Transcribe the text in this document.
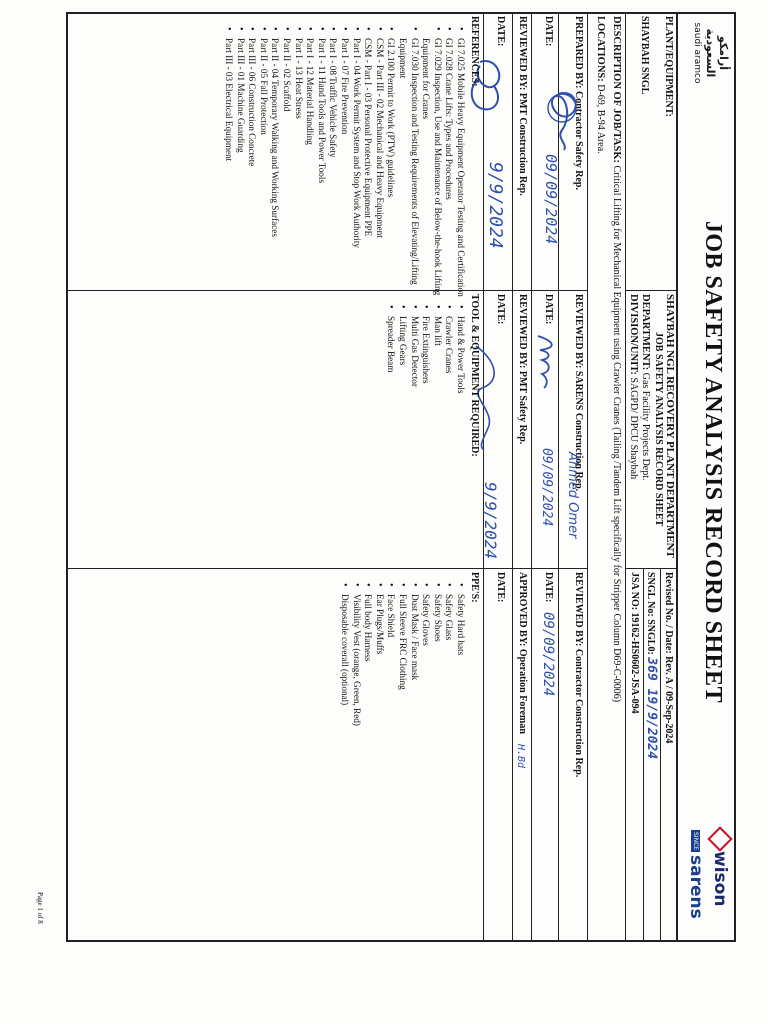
أرامكو السعودية
saudi aramco
JOB SAFETY ANALYSIS RECORD SHEET
wison
SINCE
sarens
PLANT/EQUIPMENT:
SHAYBAH SNGL
SHAYBAH NGL RECOVERY PLANT DEPARTMENT
JOB SAFETY ANALYSIS RECORD SHEET
DEPARTMENT: Gas Facility Projects Dept.
DIVISION/UNIT: SAGPD/ DPCU Shaybah
Revised No. / Date: Rev. A / 09-Sep-2024
SNGL No: SNGL0: 369 19/9/2024
JSA NO: 19162-HS0602-JSA-094
DESCRIPTION OF JOB/TASK: Critical Lifting for Mechanical Equipment using Crawler Cranes (Tailing /Tandem Lift specifically for Stripper Column D69-C-0006)
LOCATIONS: D-69, B-94 Area.
PREPARED BY: Contractor Safety Rep.
REVIEWED BY: SARENS Construction Rep.
REVIEWED BY: Contractor Construction Rep.
DATE:
DATE:
DATE:
09/09/2024
Ahmed Omer
09/09/2024
09/09/2024
REVIEWED BY: PMT Construction Rep.
REVIEWED BY: PMT Safety Rep.
APPROVED BY: Operation Foreman
H.Bd
DATE:
DATE:
DATE:
9/9/2024
9/9/2024
REFERENCES:
• GI 7.025 Mobile Heavy Equipment Operator Testing and Certification
• GI 7.028 Crane Lifts: Types and Procedures
• GI 7.029 Inspection, Use and Maintenance of Below-the-hook Lifting
Equipment for Cranes
• GI 7.030 Inspection and Testing Requirements of Elevating/Lifting
Equipment
• GI 2.100 Permit to Work (PTW) guidelines
• CSM - Part III - 02 Mechanical and Heavy Equipment
• CSM - Part I - 03 Personal Protective Equipment PPE
• Part I - 04 Work Permit System and Stop Work Authority
• Part I - 07 Fire Prevention
• Part I - 08 Traffic Vehicle Safety
• Part I - 11 Hand Tools and Power Tools
• Part I - 12 Material Handling
• Part I - 13 Heat Stress
• Part II - 02 Scaffold
• Part II - 04 Temporary Walking and Working Surfaces
• Part II - 05 Fall Protection
• Part III - 06 Construction Concrete
• Part III - 01 Machine Guarding
• Part III - 03 Electrical Equipment
TOOL & EQUIPMENT REQUIRED:
• Hand & Power Tools
• Crawler Cranes
• Man lift
• Fire Extinguishers
• Multi Gas Detector
• Lifting Gears
• Spreader Beam
PPE'S:
• Safety Hard hats
• Safety Glass
• Safety Shoes
• Safety Gloves
• Dust Mask / Face mask
• Full Sleeve FRC Clothing
• Face Shield
• Ear Plugs/Muffs
• Full body Harness
• Visibility Vest (orange, Green, Red)
• Disposable coverall (optional)
Page 1 of 8
